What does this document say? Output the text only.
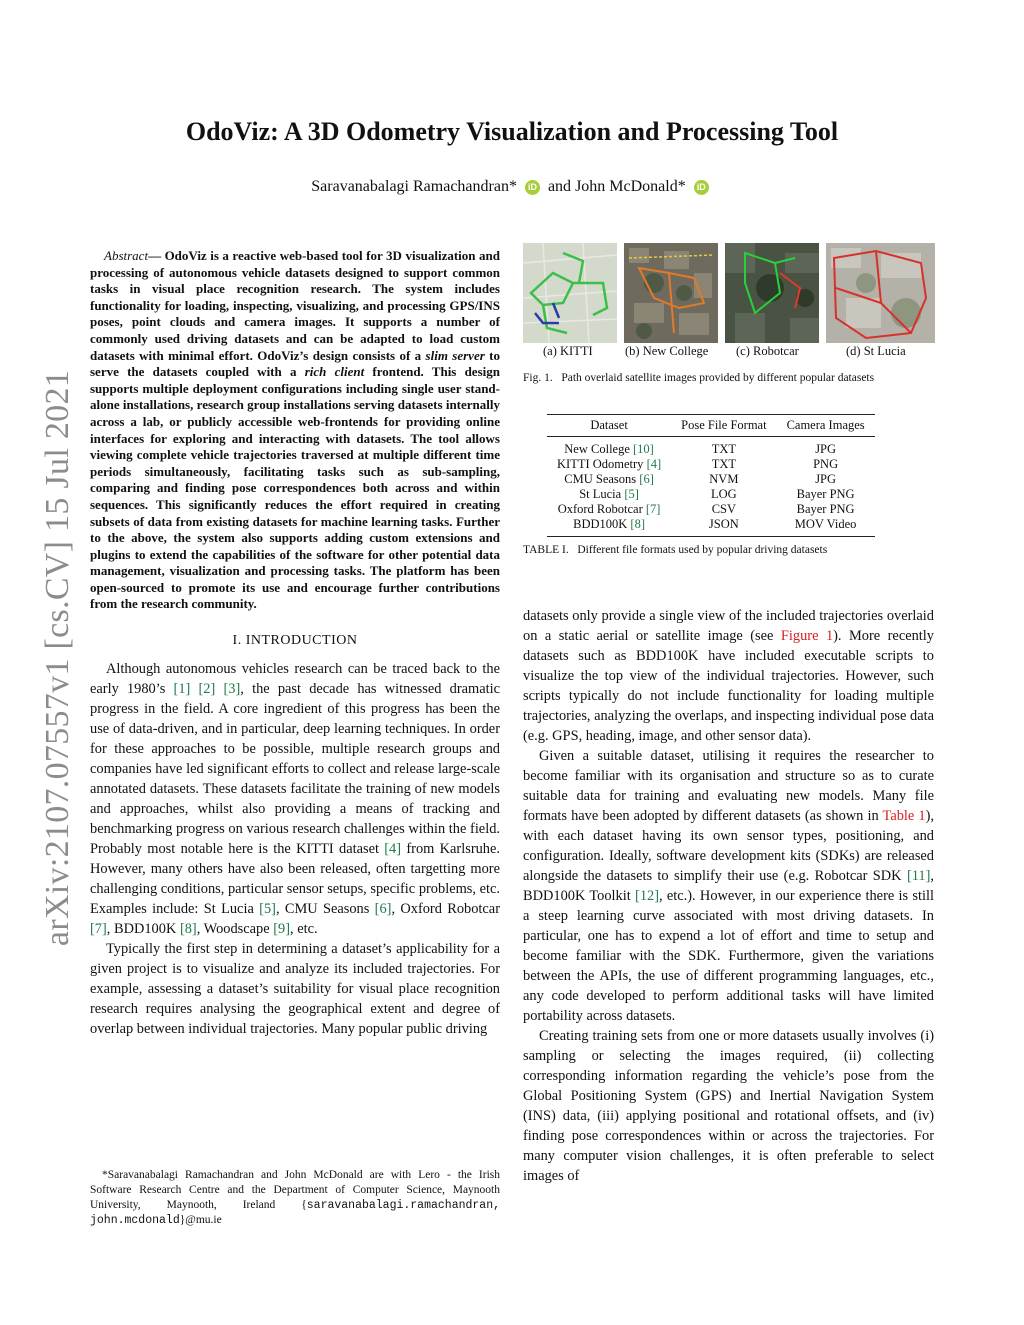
arXiv:2107.07557v1 [cs.CV] 15 Jul 2021
OdoViz: A 3D Odometry Visualization and Processing Tool
Saravanabalagi Ramachandran* iD and John McDonald* iD

Abstract— OdoViz is a reactive web-based tool for 3D visualization and processing of autonomous vehicle datasets designed to support common tasks in visual place recognition research. The system includes functionality for loading, inspecting, visualizing, and processing GPS/INS poses, point clouds and camera images. It supports a number of commonly used driving datasets and can be adapted to load custom datasets with minimal effort. OdoViz’s design consists of a slim server to serve the datasets coupled with a rich client frontend. This design supports multiple deployment configurations including single user stand-alone installations, research group installations serving datasets internally across a lab, or publicly accessible web-frontends for providing online interfaces for exploring and interacting with datasets. The tool allows viewing complete vehicle trajectories traversed at multiple different time periods simultaneously, facilitating tasks such as sub-sampling, comparing and finding pose correspondences both across and within sequences. This significantly reduces the effort required in creating subsets of data from existing datasets for machine learning tasks. Further to the above, the system also supports adding custom extensions and plugins to extend the capabilities of the software for other potential data management, visualization and processing tasks. The platform has been open-sourced to promote its use and encourage further contributions from the research community.

I. INTRODUCTION

Although autonomous vehicles research can be traced back to the early 1980’s [1] [2] [3], the past decade has witnessed dramatic progress in the field. A core ingredient of this progress has been the use of data-driven, and in particular, deep learning techniques. In order for these approaches to be possible, multiple research groups and companies have led significant efforts to collect and release large-scale annotated datasets. These datasets facilitate the training of new models and approaches, whilst also providing a means of tracking and benchmarking progress on various research challenges within the field. Probably most notable here is the KITTI dataset [4] from Karlsruhe. However, many others have also been released, often targetting more challenging conditions, particular sensor setups, specific problems, etc. Examples include: St Lucia [5], CMU Seasons [6], Oxford Robotcar [7], BDD100K [8], Woodscape [9], etc.

Typically the first step in determining a dataset’s applicability for a given project is to visualize and analyze its included trajectories. For example, assessing a dataset’s suitability for visual place recognition research requires analysing the geographical extent and degree of overlap between individual trajectories. Many popular public driving

*Saravanabalagi Ramachandran and John McDonald are with Lero - the Irish Software Research Centre and the Department of Computer Science, Maynooth University, Maynooth, Ireland {saravanabalagi.ramachandran, john.mcdonald}@mu.ie

(a) KITTI	(b) New College (c) Robotcar	(d) St Lucia
Fig. 1. Path overlaid satellite images provided by different popular datasets
Dataset	Pose File Format	Camera Images
New College [10]	TXT	JPG
KITTI Odometry [4]	TXT	PNG
CMU Seasons [6]	NVM	JPG
St Lucia [5]	LOG	Bayer PNG
Oxford Robotcar [7]	CSV	Bayer PNG
BDD100K [8]	JSON	MOV Video
TABLE I. Different file formats used by popular driving datasets

datasets only provide a single view of the included trajectories overlaid on a static aerial or satellite image (see Figure 1). More recently datasets such as BDD100K have included executable scripts to visualize the top view of the individual trajectories. However, such scripts typically do not include functionality for loading multiple trajectories, analyzing the overlaps, and inspecting individual pose data (e.g. GPS, heading, image, and other sensor data).

Given a suitable dataset, utilising it requires the researcher to become familiar with its organisation and structure so as to curate suitable data for training and evaluating new models. Many file formats have been adopted by different datasets (as shown in Table 1), with each dataset having its own sensor types, positioning, and configuration. Ideally, software development kits (SDKs) are released alongside the datasets to simplify their use (e.g. Robotcar SDK [11], BDD100K Toolkit [12], etc.). However, in our experience there is still a steep learning curve associated with most driving datasets. In particular, one has to expend a lot of effort and time to setup and become familiar with the SDK. Furthermore, given the variations between the APIs, the use of different programming languages, etc., any code developed to perform additional tasks will have limited portability across datasets.

Creating training sets from one or more datasets usually involves (i) sampling or selecting the images required, (ii) collecting corresponding information regarding the vehicle’s pose from the Global Positioning System (GPS) and Inertial Navigation System (INS) data, (iii) applying positional and rotational offsets, and (iv) finding pose correspondences within or across the trajectories. For many computer vision challenges, it is often preferable to select images of
